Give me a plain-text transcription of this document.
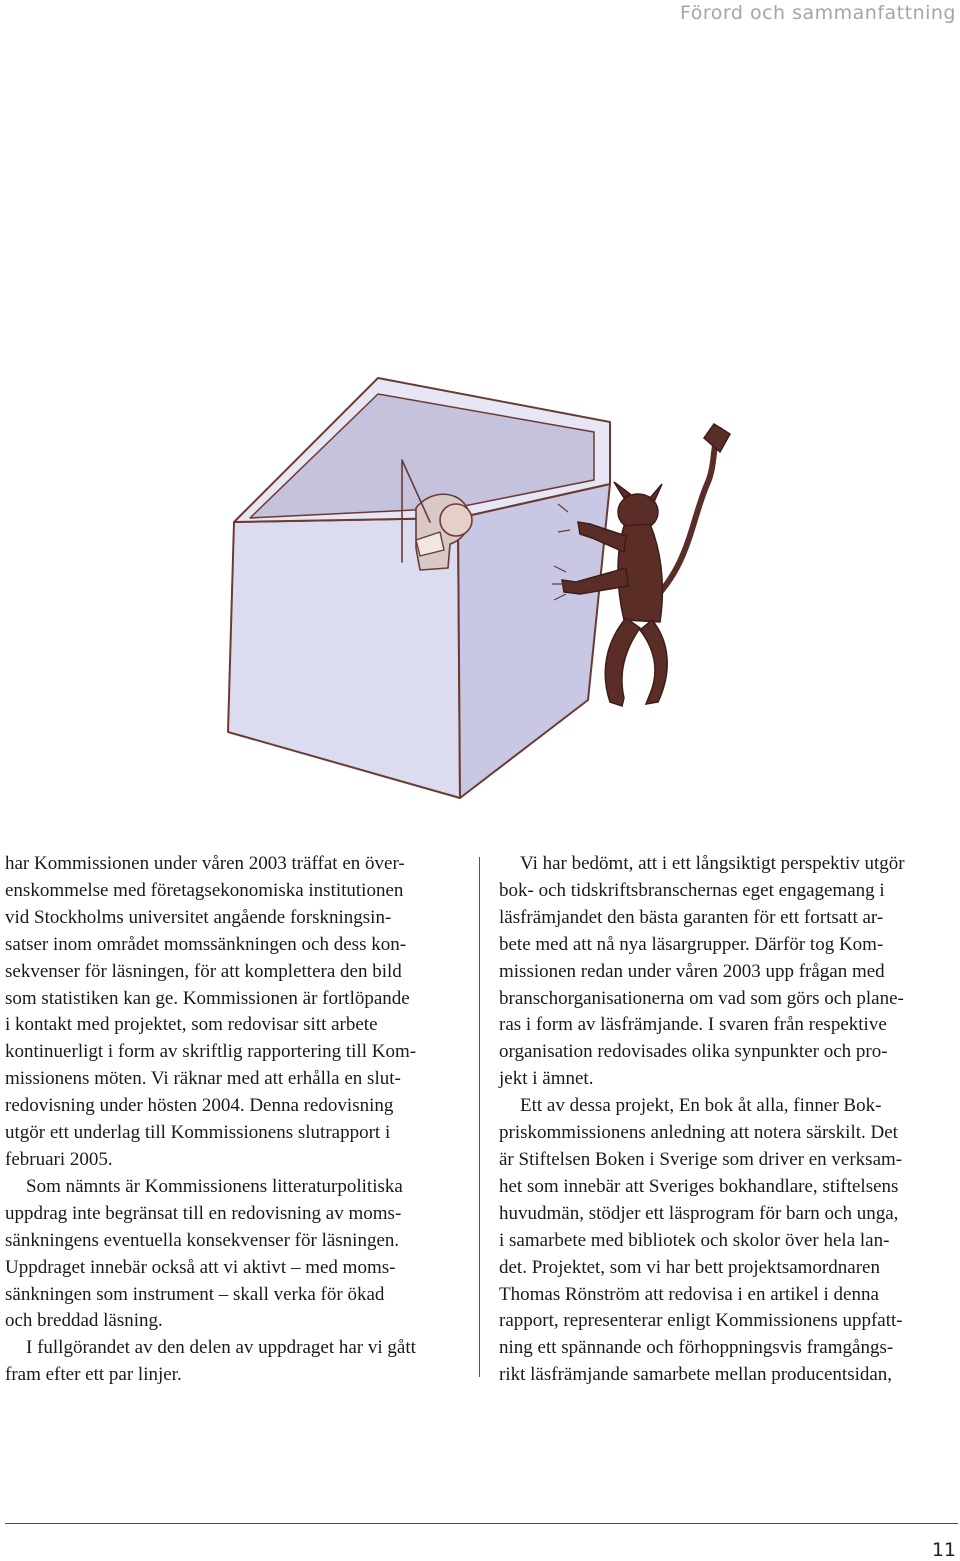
Förord och sammanfattning

har Kommissionen under våren 2003 träffat en över-
enskommelse med företagsekonomiska institutionen
vid Stockholms universitet angående forskningsin-
satser inom området momssänkningen och dess kon-
sekvenser för läsningen, för att komplettera den bild
som statistiken kan ge. Kommissionen är fortlöpande
i kontakt med projektet, som redovisar sitt arbete
kontinuerligt i form av skriftlig rapportering till Kom-
missionens möten. Vi räknar med att erhålla en slut-
redovisning under hösten 2004. Denna redovisning
utgör ett underlag till Kommissionens slutrapport i
februari 2005.

Som nämnts är Kommissionens litteraturpolitiska
uppdrag inte begränsat till en redovisning av moms-
sänkningens eventuella konsekvenser för läsningen.
Uppdraget innebär också att vi aktivt – med moms-
sänkningen som instrument – skall verka för ökad
och breddad läsning.

I fullgörandet av den delen av uppdraget har vi gått
fram efter ett par linjer.

Vi har bedömt, att i ett långsiktigt perspektiv utgör
bok- och tidskriftsbranschernas eget engagemang i
läsfrämjandet den bästa garanten för ett fortsatt ar-
bete med att nå nya läsargrupper. Därför tog Kom-
missionen redan under våren 2003 upp frågan med
branschorganisationerna om vad som görs och plane-
ras i form av läsfrämjande. I svaren från respektive
organisation redovisades olika synpunkter och pro-
jekt i ämnet.

Ett av dessa projekt, En bok åt alla, finner Bok-
priskommissionens anledning att notera särskilt. Det
är Stiftelsen Boken i Sverige som driver en verksam-
het som innebär att Sveriges bokhandlare, stiftelsens
huvudmän, stödjer ett läsprogram för barn och unga,
i samarbete med bibliotek och skolor över hela lan-
det. Projektet, som vi har bett projektsamordnaren
Thomas Rönström att redovisa i en artikel i denna
rapport, representerar enligt Kommissionens uppfatt-
ning ett spännande och förhoppningsvis framgångs-
rikt läsfrämjande samarbete mellan producentsidan,

11
